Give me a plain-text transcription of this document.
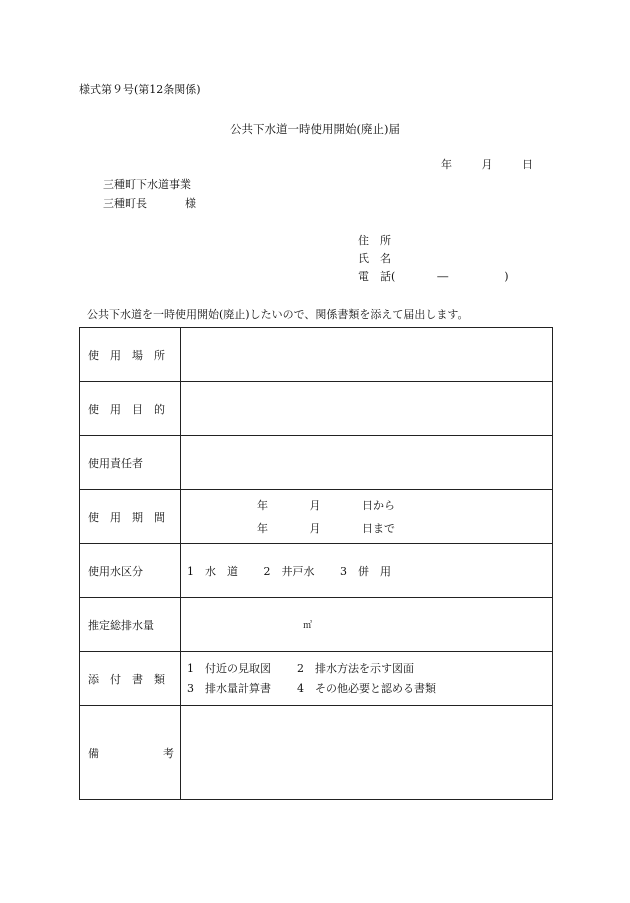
様式第９号(第12条関係)
公共下水道一時使用開始(廃止)届
年	月	日
三種町下水道事業
三種町長	様
住　所
氏　名
電　話(	―	)
公共下水道を一時使用開始(廃止)したいので、関係書類を添えて届出します。
使　用　場　所	
使　用　目　的	
使用責任者	
使　用　期　間	年 月 日から
年 月 日まで

使用水区分	1　水　道 2　井戸水 3　併　用
推定総排水量	㎥
添　付　書　類	1　付近の見取図 2　排水方法を示す図面
3　排水量計算書 4　その他必要と認める書類

備 考	
